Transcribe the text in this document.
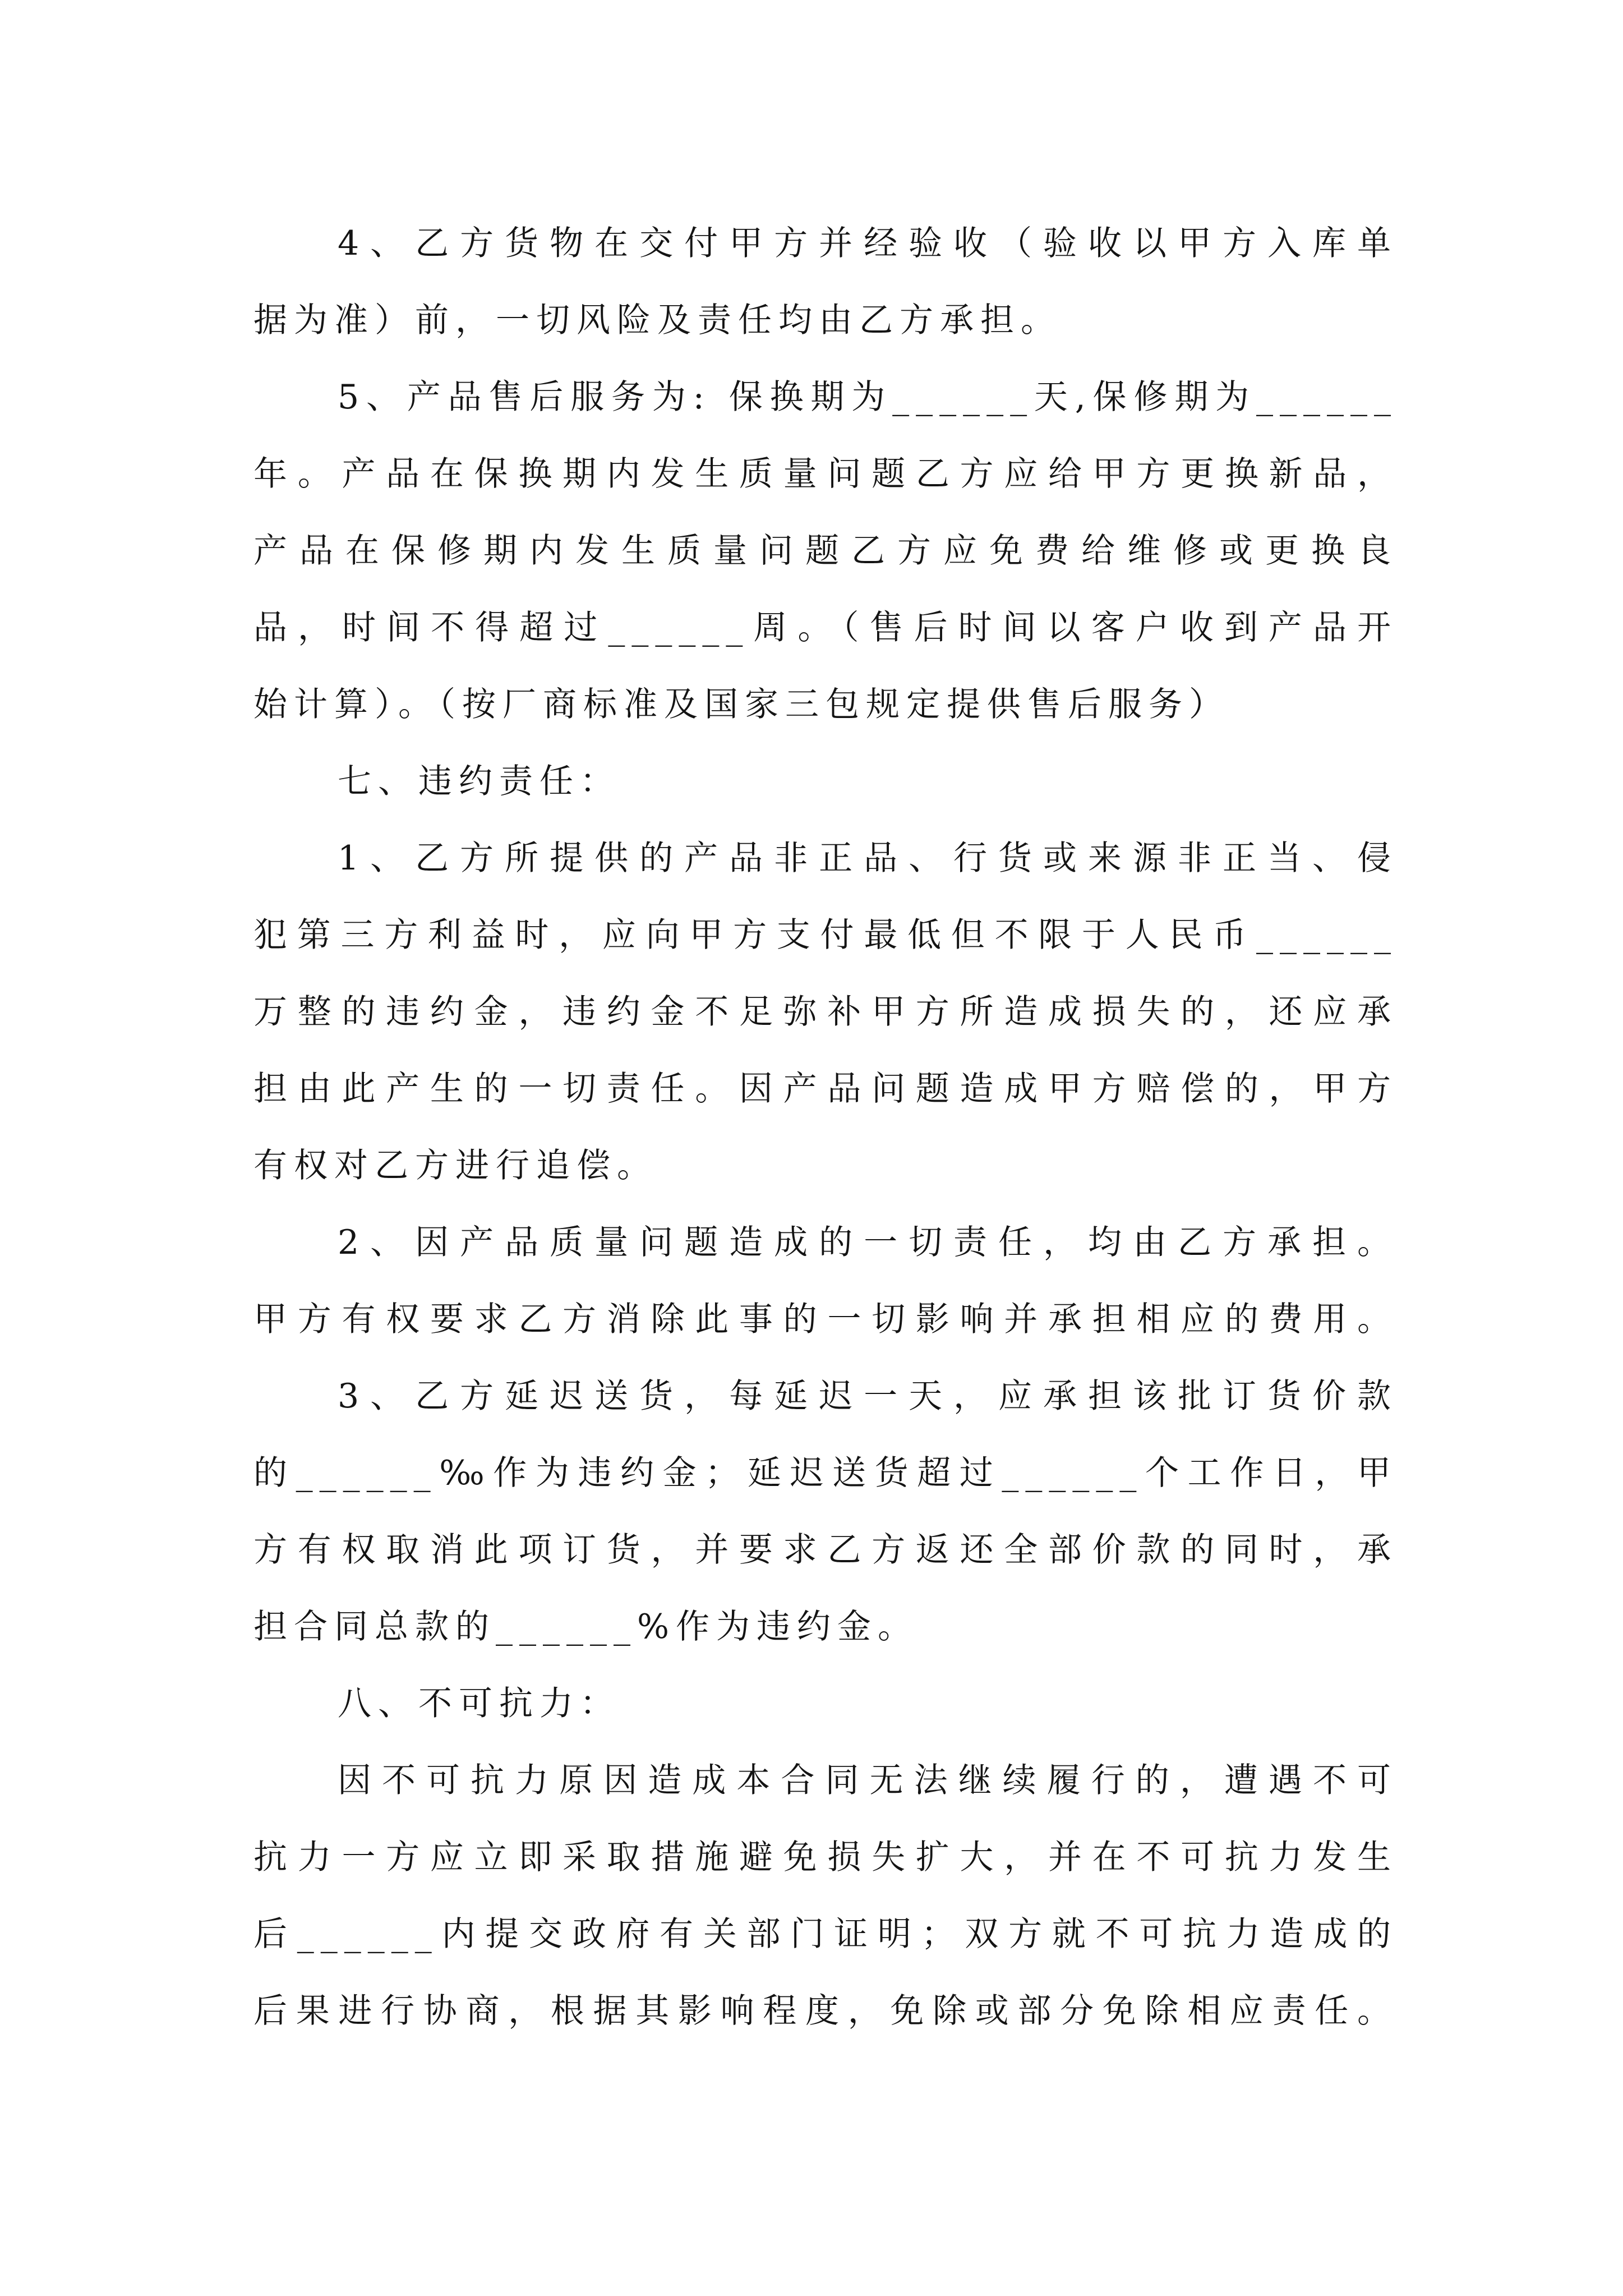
4、乙方货物在交付甲方并经验收（验收以甲方入库单
据为准）前，一切风险及责任均由乙方承担。
5、产品售后服务为: 保换期为______天,保修期为______
年。产品在保换期内发生质量问题乙方应给甲方更换新品，
产品在保修期内发生质量问题乙方应免费给维修或更换良
品，时间不得超过______周。（售后时间以客户收到产品开
始计算）。（按厂商标准及国家三包规定提供售后服务）
七、违约责任：
1、乙方所提供的产品非正品、行货或来源非正当、侵
犯第三方利益时，应向甲方支付最低但不限于人民币______
万整的违约金，违约金不足弥补甲方所造成损失的，还应承
担由此产生的一切责任。因产品问题造成甲方赔偿的，甲方
有权对乙方进行追偿。
2、因产品质量问题造成的一切责任，均由乙方承担。
甲方有权要求乙方消除此事的一切影响并承担相应的费用。
3、乙方延迟送货，每延迟一天，应承担该批订货价款
的______‰作为违约金；延迟送货超过______个工作日，甲
方有权取消此项订货，并要求乙方返还全部价款的同时，承
担合同总款的______%作为违约金。
八、不可抗力：
因不可抗力原因造成本合同无法继续履行的，遭遇不可
抗力一方应立即采取措施避免损失扩大，并在不可抗力发生
后______内提交政府有关部门证明；双方就不可抗力造成的
后果进行协商，根据其影响程度，免除或部分免除相应责任。
